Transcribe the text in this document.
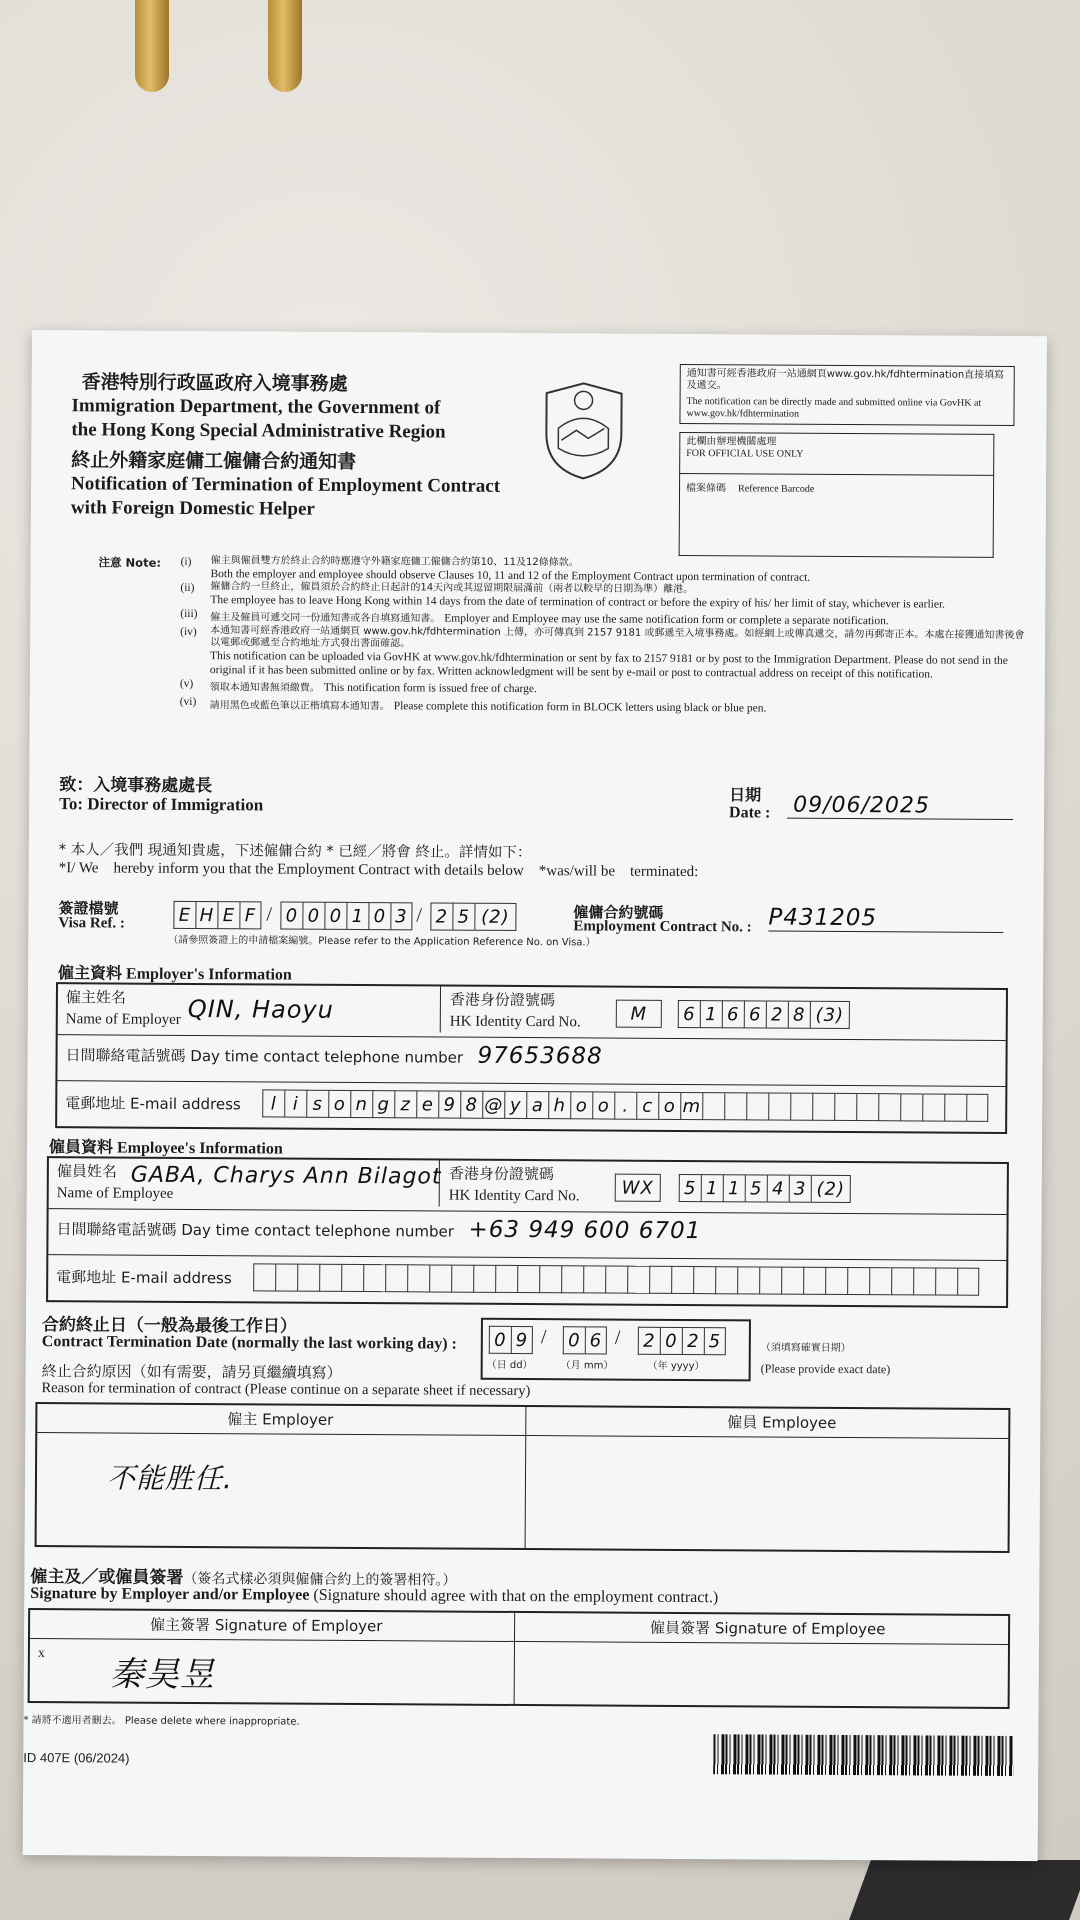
香港特別行政區政府入境事務處
Immigration Department, the Government of
the Hong Kong Special Administrative Region
終止外籍家庭傭工僱傭合約通知書
Notification of Termination of Employment Contract
with Foreign Domestic Helper
通知書可經香港政府一站通網頁www.gov.hk/fdhtermination直接填寫及遞交。
The notification can be directly made and submitted online via GovHK at www.gov.hk/fdhtermination
此欄由辦理機關處理
FOR OFFICIAL USE ONLY
檔案條碼 Reference Barcode
注意 Note: (i)	僱主與僱員雙方於終止合約時應遵守外籍家庭傭工僱傭合約第10、11及12條條款。
Both the employer and employee should observe Clauses 10, 11 and 12 of the Employment Contract upon termination of contract.
(ii)	僱傭合約一旦終止，僱員須於合約終止日起計的14天內或其逗留期限屆滿前（兩者以較早的日期為準）離港。
The employee has to leave Hong Kong within 14 days from the date of termination of contract or before the expiry of his/ her limit of stay, whichever is earlier.
(iii)	僱主及僱員可遞交同一份通知書或各自填寫通知書。 Employer and Employee may use the same notification form or complete a separate notification.
(iv)	本通知書可經香港政府一站通網頁 www.gov.hk/fdhtermination 上傳，亦可傳真到 2157 9181 或郵遞至入境事務處。如經網上或傳真遞交，請勿再郵寄正本。本處在接獲通知書後會以電郵或郵遞至合約地址方式發出書面確認。
This notification can be uploaded via GovHK at www.gov.hk/fdhtermination or sent by fax to 2157 9181 or by post to the Immigration Department. Please do not send in the original if it has been submitted online or by fax. Written acknowledgment will be sent by e-mail or post to contractual address on receipt of this notification.
(v)	領取本通知書無須繳費。 This notification form is issued free of charge.
(vi)	請用黑色或藍色筆以正楷填寫本通知書。 Please complete this notification form in BLOCK letters using black or blue pen.
致：入境事務處處長
To: Director of Immigration	日期
Date : 09/06/2025
* 本人／我們 現通知貴處，下述僱傭合約 * 已經／將會 終止。詳情如下：
*I/ We    hereby inform you that the Employment Contract with details below    *was/will be    terminated:
簽證檔號
Visa Ref. :	E H E F / 0 0 0 1 0 3 / 2 5 (2)
（請參照簽證上的申請檔案編號。Please refer to the Application Reference No. on Visa.）
僱傭合約號碼
Employment Contract No. : P431205
僱主資料 Employer's Information
僱主姓名
Name of Employer QIN, Haoyu	香港身份證號碼
HK Identity Card No.	M	6 1 6 6 2 8 (3)
日間聯絡電話號碼 Day time contact telephone number 97653688
電郵地址 E-mail address	l i s o n g z e 9 8 @ y a h o o . c o m
僱員資料 Employee's Information
僱員姓名
Name of Employee
GABA, Charys Ann Bilagot 香港身份證號碼
HK Identity Card No.	WX	5 1 1 5 4 3 (2)
日間聯絡電話號碼 Day time contact telephone number +63 949 600 6701
電郵地址 E-mail address
合約終止日（一般為最後工作日）
Contract Termination Date (normally the last working day) : 0 9 / 0 6 / 2 0 2 5
（日 dd）	（月 mm）	（年 yyyy）
（須填寫確實日期）
(Please provide exact date)
終止合約原因（如有需要，請另頁繼續填寫）
Reason for termination of contract (Please continue on a separate sheet if necessary)
僱主 Employer	僱員 Employee
不能胜任.
僱主及／或僱員簽署（簽名式樣必須與僱傭合約上的簽署相符。）
Signature by Employer and/or Employee (Signature should agree with that on the employment contract.)
僱主簽署 Signature of Employer	僱員簽署 Signature of Employee
x
秦昊昱
* 請將不適用者刪去。 Please delete where inappropriate.
ID 407E (06/2024)
